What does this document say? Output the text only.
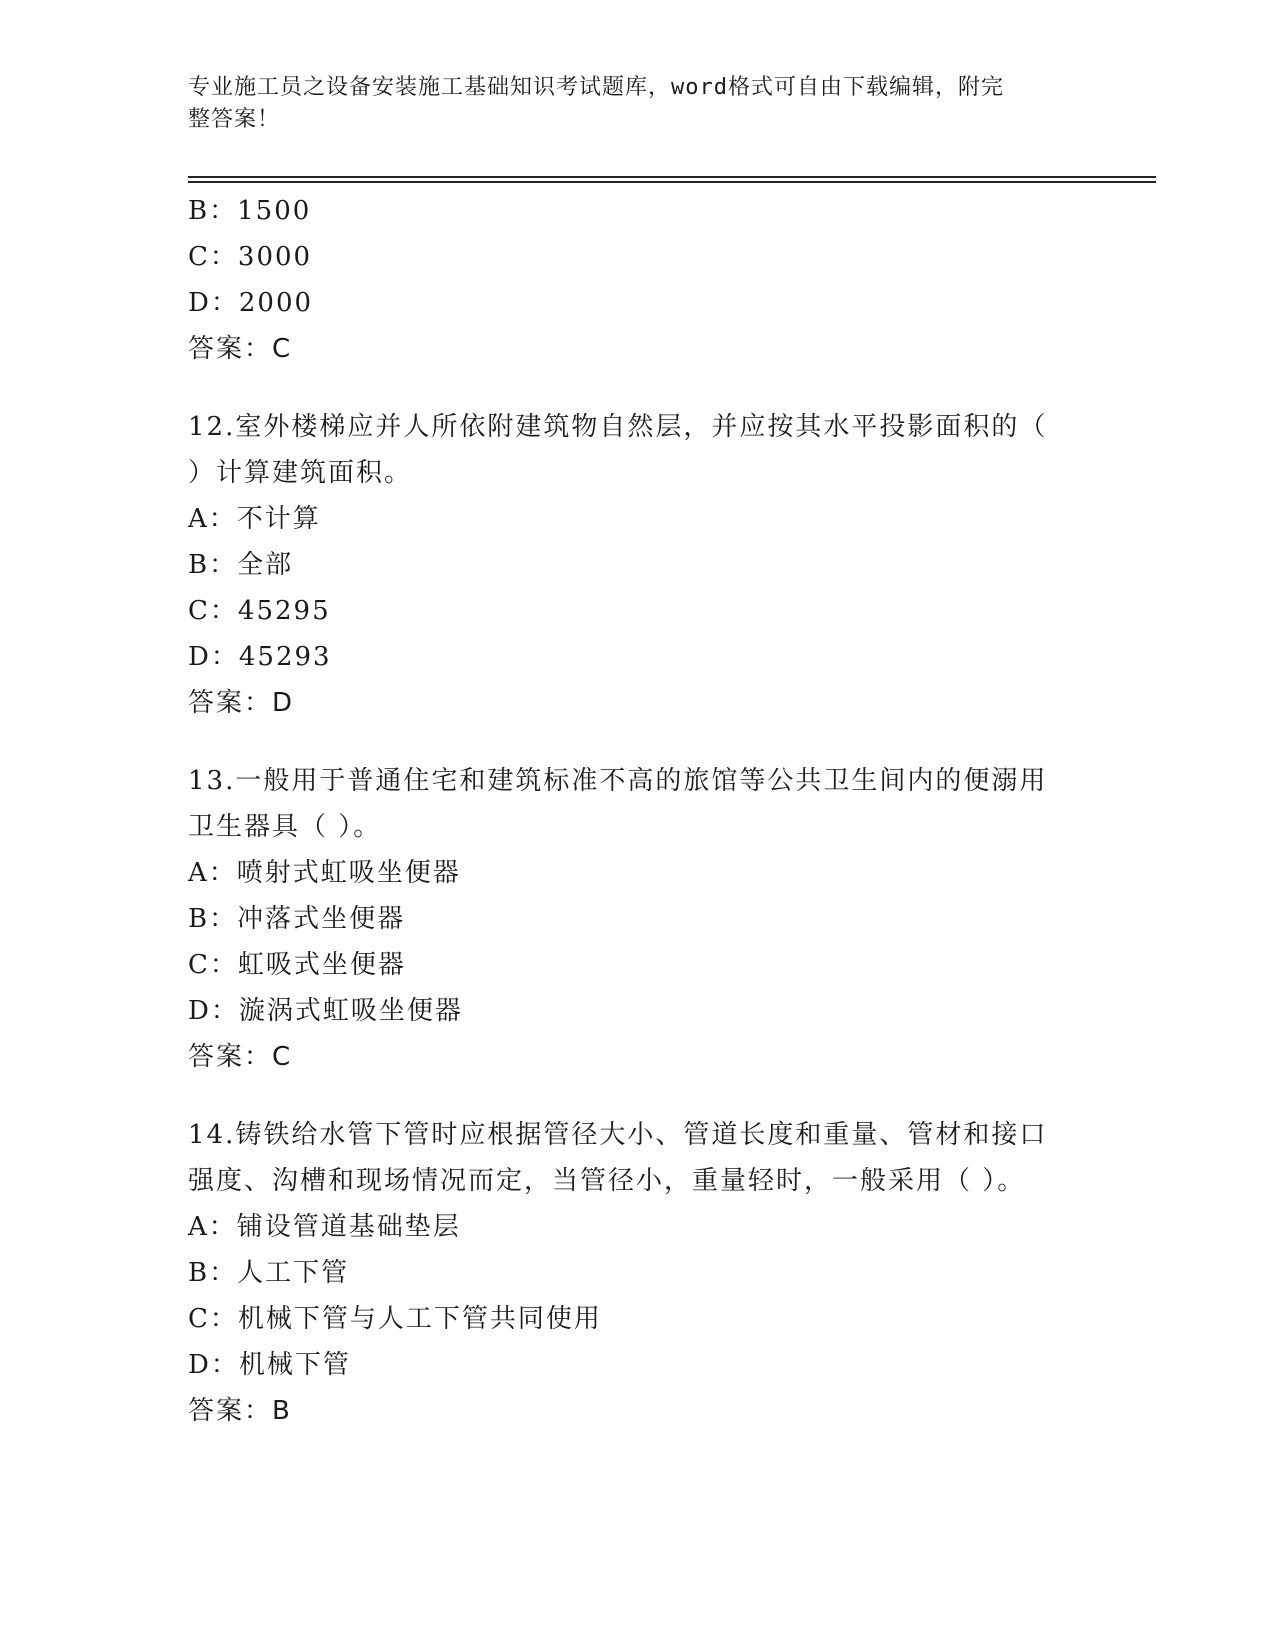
专业施工员之设备安装施工基础知识考试题库，word格式可自由下载编辑，附完
整答案！
B：1500
C：3000
D：2000
答案：C
12.室外楼梯应并人所依附建筑物自然层，并应按其水平投影面积的（
）计算建筑面积。
A：不计算
B：全部
C：45295
D：45293
答案：D
13.一般用于普通住宅和建筑标准不高的旅馆等公共卫生间内的便溺用
卫生器具（ ）。
A：喷射式虹吸坐便器
B：冲落式坐便器
C：虹吸式坐便器
D：漩涡式虹吸坐便器
答案：C
14.铸铁给水管下管时应根据管径大小、管道长度和重量、管材和接口
强度、沟槽和现场情况而定，当管径小，重量轻时，一般采用（ ）。
A：铺设管道基础垫层
B：人工下管
C：机械下管与人工下管共同使用
D：机械下管
答案：B
